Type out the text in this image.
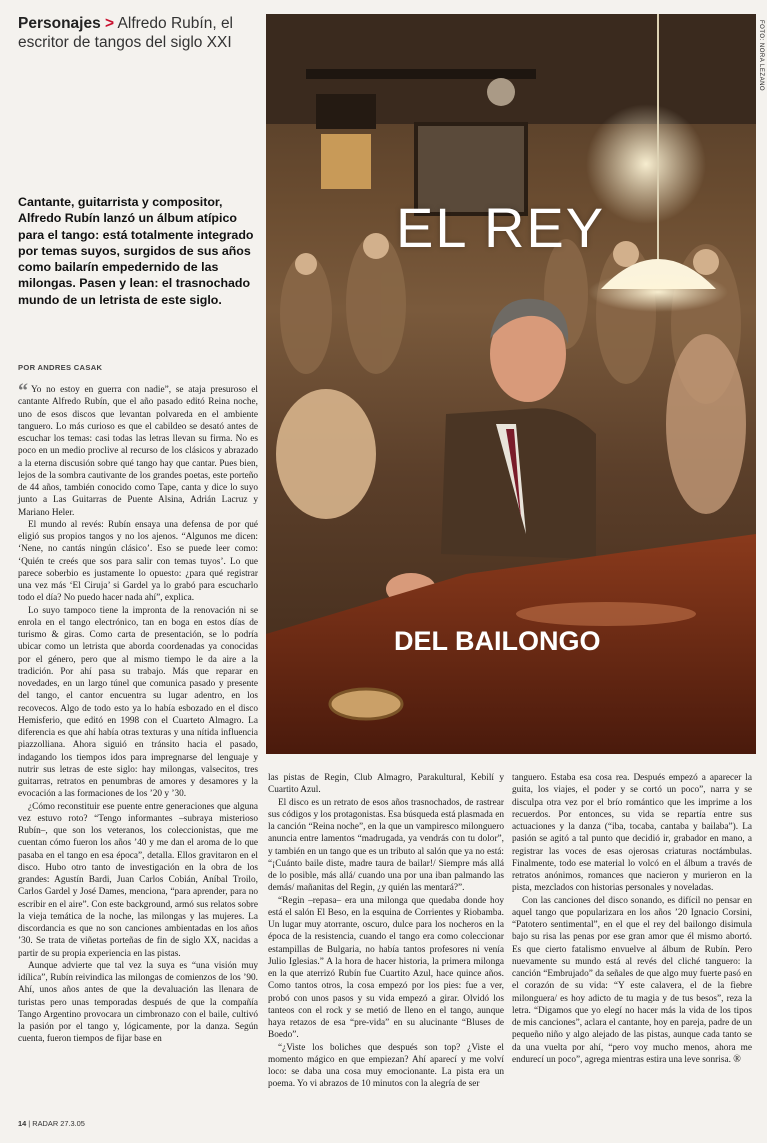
Personajes > Alfredo Rubín, el escritor de tangos del siglo XXI
Cantante, guitarrista y compositor, Alfredo Rubín lanzó un álbum atípico para el tango: está totalmente integrado por temas suyos, surgidos de sus años como bailarín empedernido de las milongas. Pasen y lean: el trasnochado mundo de un letrista de este siglo.
POR ANDRES CASAK

“ Yo no estoy en guerra con nadie”, se ataja presuroso el cantante Alfredo Rubín, que el año pasado editó Reina noche, uno de esos discos que levantan polvareda en el ambiente tanguero. Lo más curioso es que el cabildeo se desató antes de escuchar los temas: casi todas las letras llevan su firma. No es poco en un medio proclive al recurso de los clásicos y abrazado a la eterna discusión sobre qué tango hay que cantar. Pues bien, lejos de la sombra cautivante de los grandes poetas, este porteño de 44 años, también conocido como Tape, canta y dice lo suyo junto a Las Guitarras de Puente Alsina, Adrián Lacruz y Mariano Heler.

El mundo al revés: Rubín ensaya una defensa de por qué eligió sus propios tangos y no los ajenos. “Algunos me dicen: ‘Nene, no cantás ningún clásico’. Eso se puede leer como: ‘Quién te creés que sos para salir con temas tuyos’. Lo que parece soberbio es justamente lo opuesto: ¿para qué registrar una vez más ‘El Ciruja’ si Gardel ya lo grabó para escucharlo todo el día? No puedo hacer nada ahí”, explica.

Lo suyo tampoco tiene la impronta de la renovación ni se enrola en el tango electrónico, tan en boga en estos días de turismo & giras. Como carta de presentación, se lo podría ubicar como un letrista que aborda coordenadas ya conocidas por el género, pero que al mismo tiempo le da aire a la tradición. Por ahí pasa su trabajo. Más que reparar en novedades, en un largo túnel que comunica pasado y presente del tango, el cantor encuentra su lugar adentro, en los recovecos. Algo de todo esto ya lo había esbozado en el disco Hemisferio, que editó en 1998 con el Cuarteto Almagro. La diferencia es que ahí había otras texturas y una nítida influencia piazzolliana. Ahora siguió en tránsito hacia el pasado, indagando los tiempos idos para impregnarse del lenguaje y nutrir sus letras de este siglo: hay milongas, valsecitos, tres guitarras, retratos en penumbras de amores y desamores y la evocación a las formaciones de los ’20 y ’30.

¿Cómo reconstituir ese puente entre generaciones que alguna vez estuvo roto? “Tengo informantes –subraya misterioso Rubín–, que son los veteranos, los coleccionistas, que me cuentan cómo fueron los años ’40 y me dan el aroma de lo que pasaba en el tango en esa época”, detalla. Ellos gravitaron en el disco. Hubo otro tanto de investigación en la obra de los grandes: Agustín Bardi, Juan Carlos Cobián, Aníbal Troilo, Carlos Gardel y José Dames, menciona, “para aprender, para no escribir en el aire”. Con este background, armó sus relatos sobre la vieja temática de la noche, las milongas y las mujeres. La discordancia es que no son canciones ambientadas en los años ’30. Se trata de viñetas porteñas de fin de siglo XX, nacidas a partir de su propia experiencia en las pistas.

Aunque advierte que tal vez la suya es “una visión muy idílica”, Rubín reivindica las milongas de comienzos de los ’90. Ahí, unos años antes de que la devaluación las llenara de turistas pero unas temporadas después de que la compañía Tango Argentino provocara un cimbronazo con el baile, cultivó la pasión por el tango y, lógicamente, por la danza. Según cuenta, fueron tiempos de fijar base en

EL REY
DEL BAILONGO
FOTO: NORA LEZANO

las pistas de Regin, Club Almagro, Parakultural, Kebilí y Cuartito Azul.

El disco es un retrato de esos años trasnochados, de rastrear sus códigos y los protagonistas. Esa búsqueda está plasmada en la canción “Reina noche”, en la que un vampiresco milonguero anuncia entre lamentos “madrugada, ya vendrás con tu dolor”, y también en un tango que es un tributo al salón que ya no está: “¡Cuánto baile diste, madre taura de bailar!/ Siempre más allá de lo posible, más allá/ cuando una por una iban palmando las demás/ mañanitas del Regin, ¿y quién las mentará?”.

“Regin –repasa– era una milonga que quedaba donde hoy está el salón El Beso, en la esquina de Corrientes y Riobamba. Un lugar muy atorrante, oscuro, dulce para los nocheros en la época de la resistencia, cuando el tango era como coleccionar estampillas de Bulgaria, no había tantos profesores ni venía Julio Iglesias.” A la hora de hacer historia, la primera milonga en la que aterrizó Rubín fue Cuartito Azul, hace quince años. Como tantos otros, la cosa empezó por los pies: fue a ver, probó con unos pasos y su vida empezó a girar. Olvidó los tanteos con el rock y se metió de lleno en el tango, aunque haya retazos de esa “pre-vida” en su alucinante “Bluses de Boedo”.

“¿Viste los boliches que después son top? ¿Viste el momento mágico en que empiezan? Ahí aparecí y me volví loco: se daba una cosa muy emocionante. La pista era un poema. Yo vi abrazos de 10 minutos con la alegría de ser

tanguero. Estaba esa cosa rea. Después empezó a aparecer la guita, los viajes, el poder y se cortó un poco”, narra y se disculpa otra vez por el brío romántico que les imprime a los recuerdos. Por entonces, su vida se repartía entre sus actuaciones y la danza (“iba, tocaba, cantaba y bailaba”). La pasión se agitó a tal punto que decidió ir, grabador en mano, a registrar las voces de esas ojerosas criaturas noctámbulas. Finalmente, todo ese material lo volcó en el álbum a través de retratos anónimos, romances que nacieron y murieron en la pista, mezclados con historias personales y noveladas.

Con las canciones del disco sonando, es difícil no pensar en aquel tango que popularizara en los años ’20 Ignacio Corsini, “Patotero sentimental”, en el que el rey del bailongo disimula bajo su risa las penas por ese gran amor que él mismo abortó. Es que cierto fatalismo envuelve al álbum de Rubín. Pero nuevamente su mundo está al revés del cliché tanguero: la canción “Embrujado” da señales de que algo muy fuerte pasó en el corazón de su vida: “Y este calavera, el de la fiebre milonguera/ es hoy adicto de tu magia y de tus besos”, reza la letra. “Digamos que yo elegí no hacer más la vida de los tipos de mis canciones”, aclara el cantante, hoy en pareja, padre de un pequeño niño y algo alejado de las pistas, aunque cada tanto se da una vuelta por ahí, “pero voy mucho menos, ahora me endurecí un poco”, agrega mientras estira una leve sonrisa. ®

14 | RADAR 27.3.05
